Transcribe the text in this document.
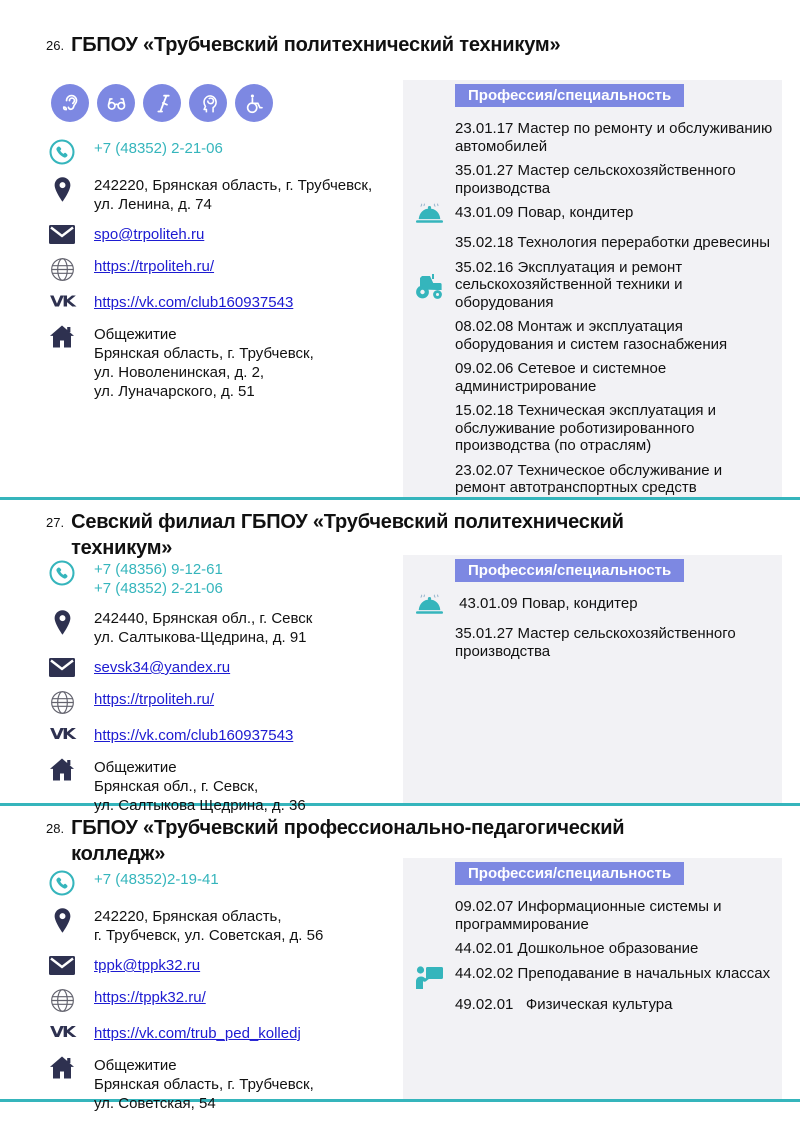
26. ГБПОУ «Трубчевский политехнический техникум»
+7 (48352) 2-21-06
242220, Брянская область, г. Трубчевск,
ул. Ленина, д. 74
spo@trpoliteh.ru
https://trpoliteh.ru/
VK https://vk.com/club160937543
Общежитие
Брянская область, г. Трубчевск,
ул. Новоленинская, д. 2,
ул. Луначарского, д. 51
Профессия/специальность
23.01.17 Мастер по ремонту и обслуживанию автомобилей
35.01.27 Мастер сельскохозяйственного производства
43.01.09 Повар, кондитер
35.02.18 Технология переработки древесины
35.02.16 Эксплуатация и ремонт сельскохозяйственной техники и оборудования
08.02.08 Монтаж и эксплуатация оборудования и систем газоснабжения
09.02.06 Сетевое и системное администрирование
15.02.18 Техническая эксплуатация и обслуживание роботизированного производства (по отраслям)
23.02.07 Техническое обслуживание и ремонт автотранспортных средств
27. Севский филиал ГБПОУ «Трубчевский политехнический
техникум»
+7 (48356) 9-12-61
+7 (48352) 2-21-06
242440, Брянская обл., г. Севск
ул. Салтыкова-Щедрина, д. 91
sevsk34@yandex.ru
https://trpoliteh.ru/
VK https://vk.com/club160937543
Общежитие
Брянская обл., г. Севск,
ул. Салтыкова Щедрина, д. 36
Профессия/специальность
43.01.09 Повар, кондитер
35.01.27 Мастер сельскохозяйственного производства
28. ГБПОУ «Трубчевский профессионально-педагогический
колледж»
+7 (48352)2-19-41
242220, Брянская область,
г. Трубчевск, ул. Советская, д. 56
tppk@tppk32.ru
https://tppk32.ru/
VK https://vk.com/trub_ped_kolledj
Общежитие
Брянская область, г. Трубчевск,
ул. Советская, 54
Профессия/специальность
09.02.07 Информационные системы и программирование
44.02.01 Дошкольное образование
44.02.02 Преподавание в начальных классах
49.02.01   Физическая культура
